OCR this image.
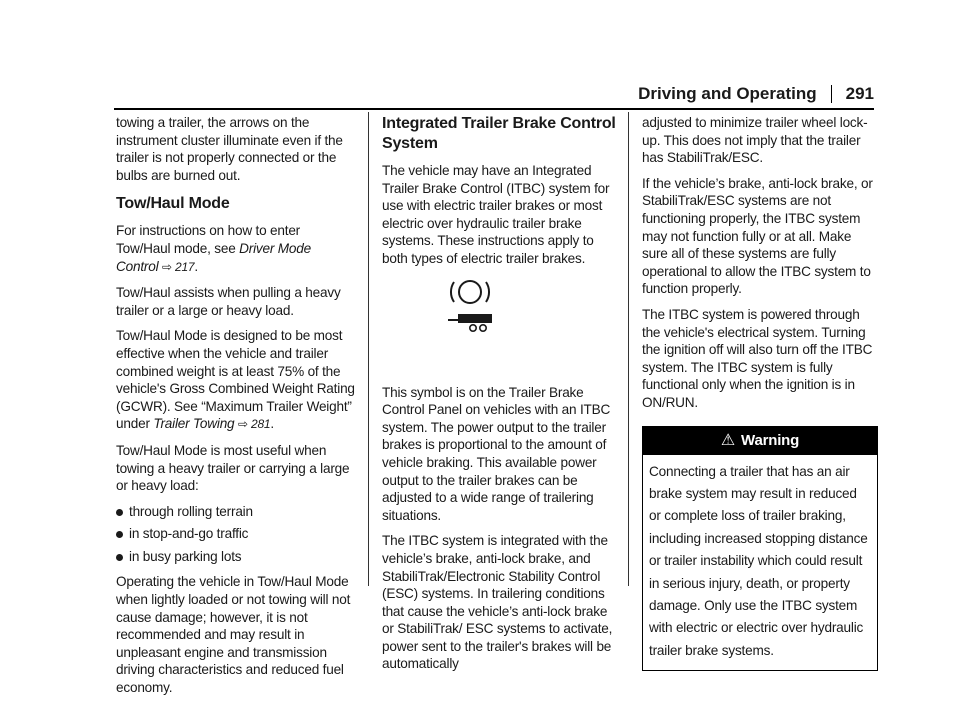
Driving and Operating 291

towing a trailer, the arrows on the instrument cluster illuminate even if the trailer is not properly connected or the bulbs are burned out.

Tow/Haul Mode

For instructions on how to enter Tow/Haul mode, see Driver Mode Control ⇨ 217.

Tow/Haul assists when pulling a heavy trailer or a large or heavy load.

Tow/Haul Mode is designed to be most effective when the vehicle and trailer combined weight is at least 75% of the vehicle's Gross Combined Weight Rating (GCWR). See “Maximum Trailer Weight” under Trailer Towing ⇨ 281.

Tow/Haul Mode is most useful when towing a heavy trailer or carrying a large or heavy load:

through rolling terrain
in stop-and-go traffic
in busy parking lots

Operating the vehicle in Tow/Haul Mode when lightly loaded or not towing will not cause damage; however, it is not recommended and may result in unpleasant engine and transmission driving characteristics and reduced fuel economy.

Integrated Trailer Brake Control System

The vehicle may have an Integrated Trailer Brake Control (ITBC) system for use with electric trailer brakes or most electric over hydraulic trailer brake systems. These instructions apply to both types of electric trailer brakes.

This symbol is on the Trailer Brake Control Panel on vehicles with an ITBC system. The power output to the trailer brakes is proportional to the amount of vehicle braking. This available power output to the trailer brakes can be adjusted to a wide range of trailering situations.

The ITBC system is integrated with the vehicle’s brake, anti-lock brake, and StabiliTrak/Electronic Stability Control (ESC) systems. In trailering conditions that cause the vehicle’s anti-lock brake or StabiliTrak/ ESC systems to activate, power sent to the trailer's brakes will be automatically

adjusted to minimize trailer wheel lock-up. This does not imply that the trailer has StabiliTrak/ESC.

If the vehicle’s brake, anti-lock brake, or StabiliTrak/ESC systems are not functioning properly, the ITBC system may not function fully or at all. Make sure all of these systems are fully operational to allow the ITBC system to function properly.

The ITBC system is powered through the vehicle's electrical system. Turning the ignition off will also turn off the ITBC system. The ITBC system is fully functional only when the ignition is in ON/RUN.

⚠ Warning
Connecting a trailer that has an air brake system may result in reduced or complete loss of trailer braking, including increased stopping distance or trailer instability which could result in serious injury, death, or property damage. Only use the ITBC system with electric or electric over hydraulic trailer brake systems.
